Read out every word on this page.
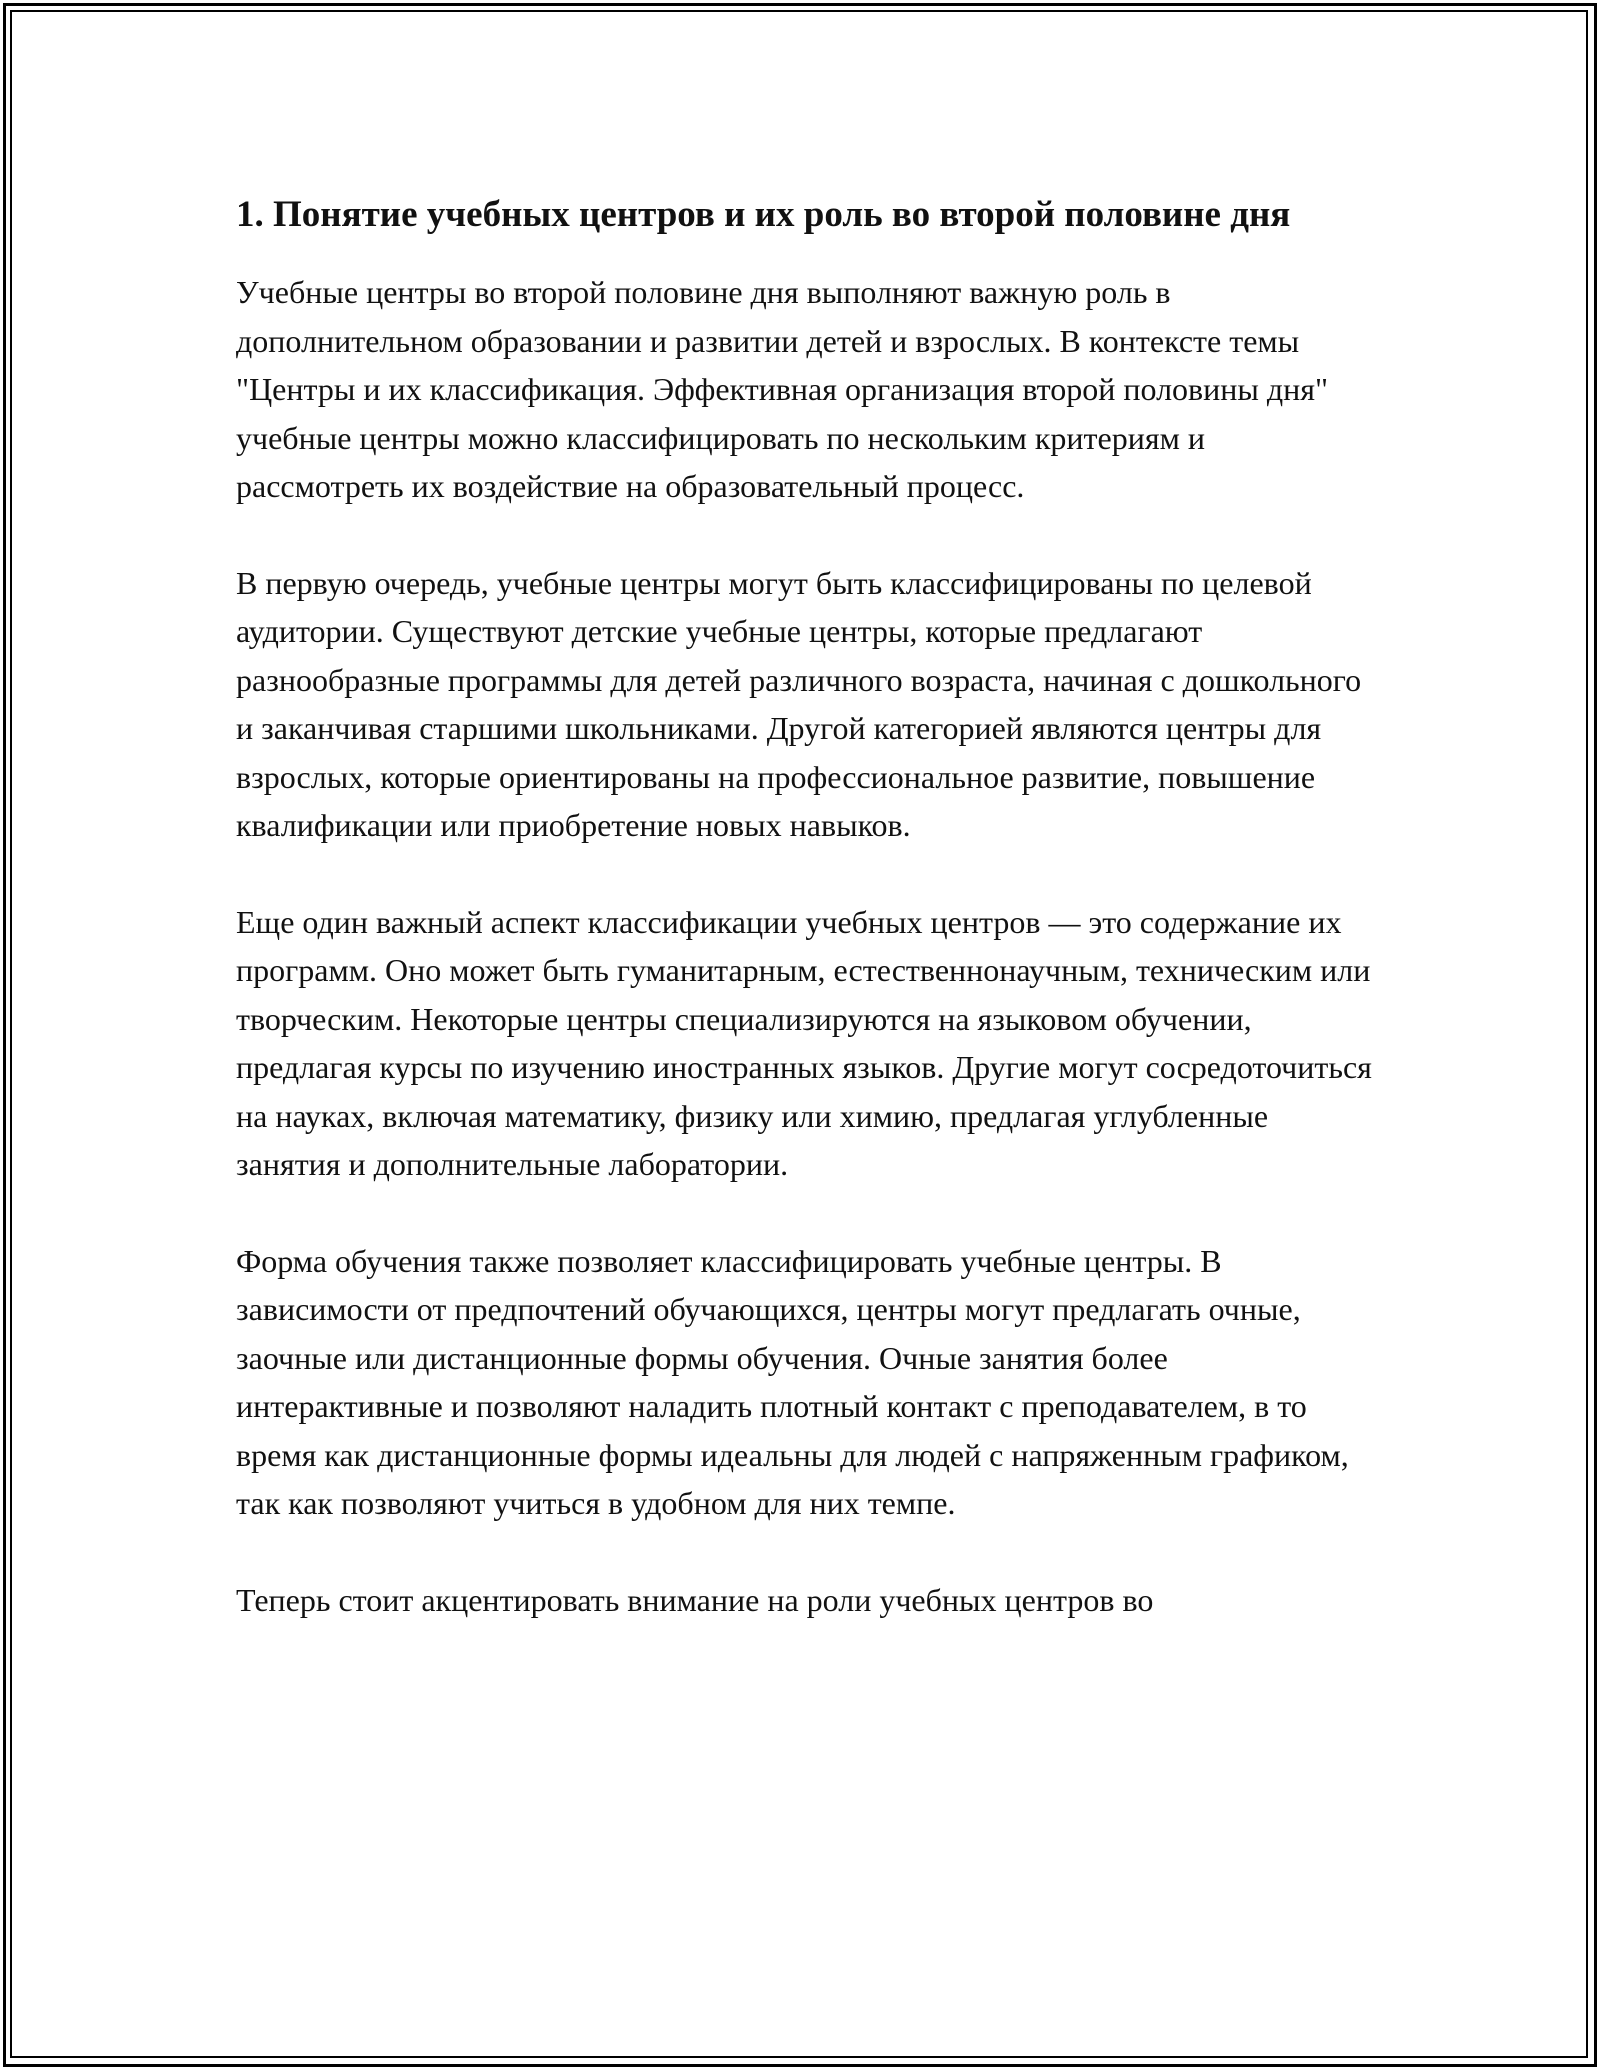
1. Понятие учебных центров и их роль во второй половине дня

Учебные центры во второй половине дня выполняют важную роль в дополнительном образовании и развитии детей и взрослых. В контексте темы "Центры и их классификация. Эффективная организация второй половины дня" учебные центры можно классифицировать по нескольким критериям и рассмотреть их воздействие на образовательный процесс.

В первую очередь, учебные центры могут быть классифицированы по целевой аудитории. Существуют детские учебные центры, которые предлагают разнообразные программы для детей различного возраста, начиная с дошкольного и заканчивая старшими школьниками. Другой категорией являются центры для взрослых, которые ориентированы на профессиональное развитие, повышение квалификации или приобретение новых навыков.

Еще один важный аспект классификации учебных центров — это содержание их программ. Оно может быть гуманитарным, естественнонаучным, техническим или творческим. Некоторые центры специализируются на языковом обучении, предлагая курсы по изучению иностранных языков. Другие могут сосредоточиться на науках, включая математику, физику или химию, предлагая углубленные занятия и дополнительные лаборатории.

Форма обучения также позволяет классифицировать учебные центры. В зависимости от предпочтений обучающихся, центры могут предлагать очные, заочные или дистанционные формы обучения. Очные занятия более интерактивные и позволяют наладить плотный контакт с преподавателем, в то время как дистанционные формы идеальны для людей с напряженным графиком, так как позволяют учиться в удобном для них темпе.

Теперь стоит акцентировать внимание на роли учебных центров во
